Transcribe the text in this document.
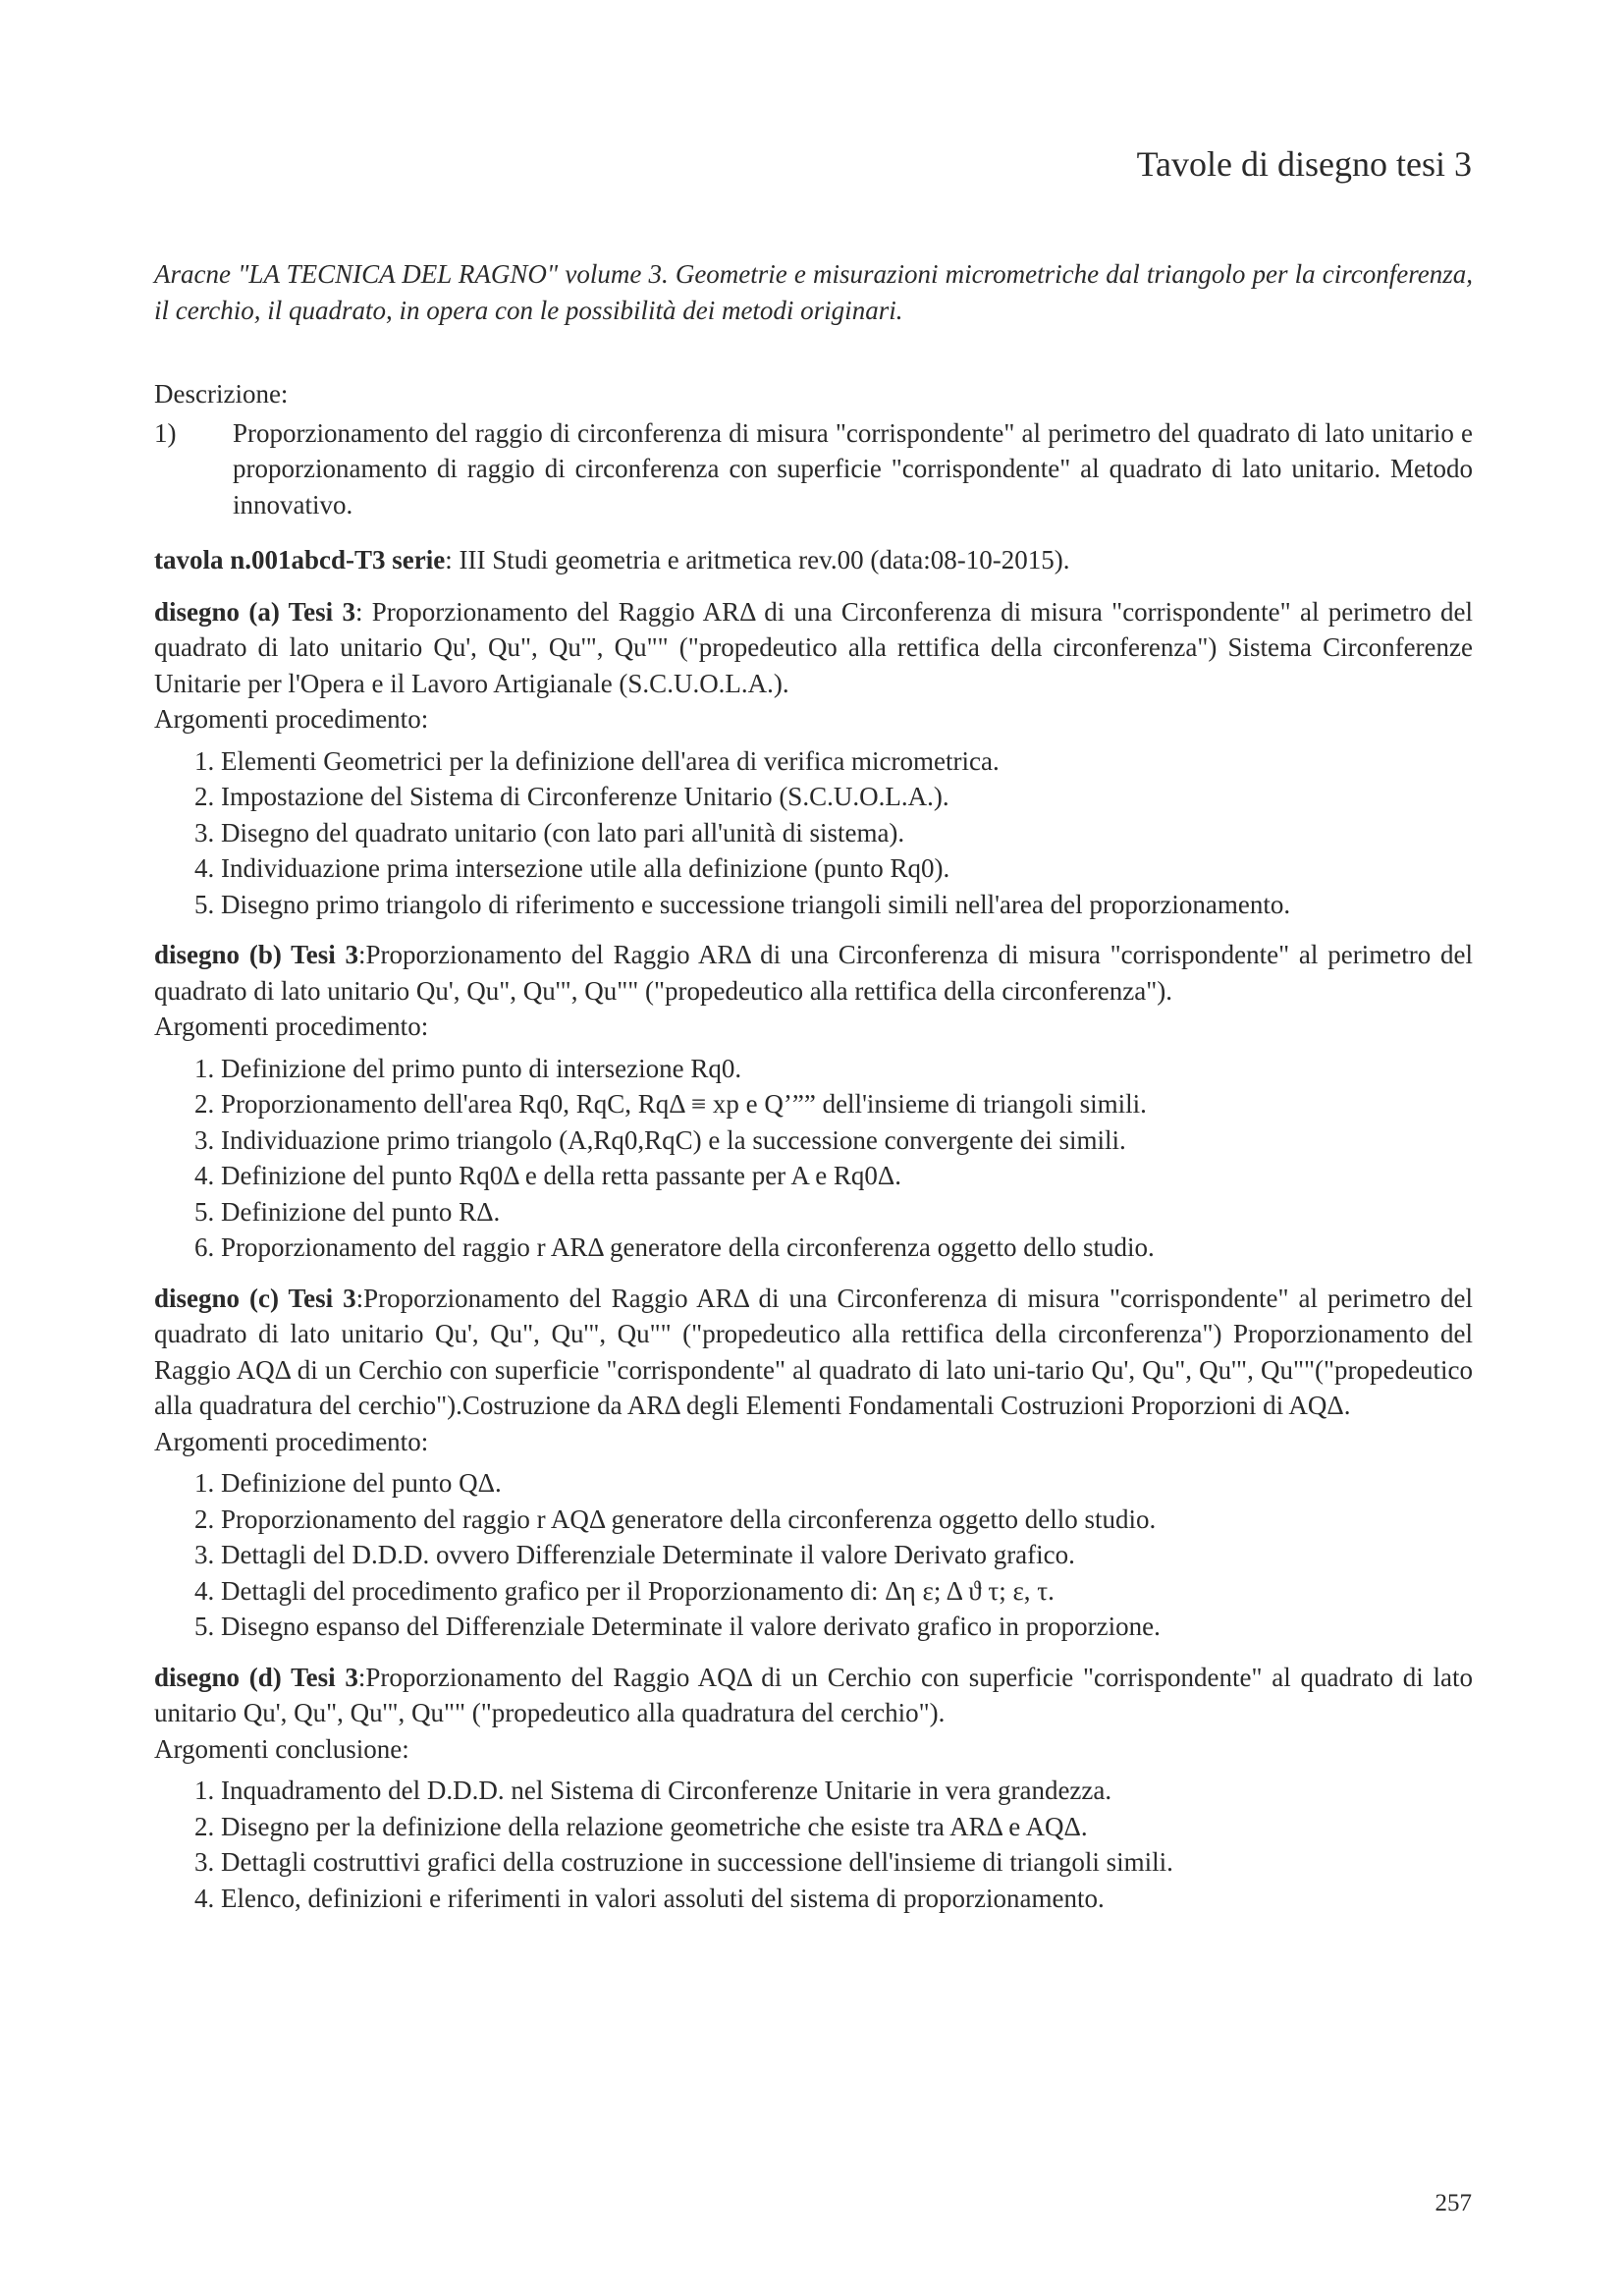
Tavole di disegno tesi 3
Aracne "LA TECNICA DEL RAGNO" volume 3. Geometrie e misurazioni micrometriche dal triangolo per la circonferenza, il cerchio, il quadrato, in opera con le possibilità dei metodi originari.
Descrizione:
1)	Proporzionamento del raggio di circonferenza di misura "corrispondente" al perimetro del quadrato di lato unitario e proporzionamento di raggio di circonferenza con superficie "corrispondente" al quadrato di lato unitario. Metodo innovativo.
tavola n.001abcd-T3 serie: III Studi geometria e aritmetica rev.00 (data:08-10-2015).

disegno (a) Tesi 3: Proporzionamento del Raggio ARΔ di una Circonferenza di misura "corrispondente" al perimetro del quadrato di lato unitario Qu', Qu", Qu'", Qu"" ("propedeutico alla rettifica della circonferenza") Sistema Circonferenze Unitarie per l'Opera e il Lavoro Artigianale (S.C.U.O.L.A.).

Argomenti procedimento:
1. Elementi Geometrici per la definizione dell'area di verifica micrometrica.
2. Impostazione del Sistema di Circonferenze Unitario (S.C.U.O.L.A.).
3. Disegno del quadrato unitario (con lato pari all'unità di sistema).
4. Individuazione prima intersezione utile alla definizione (punto Rq0).
5. Disegno primo triangolo di riferimento e successione triangoli simili nell'area del proporzionamento.

disegno (b) Tesi 3:Proporzionamento del Raggio ARΔ di una Circonferenza di misura "corrispondente" al perimetro del quadrato di lato unitario Qu', Qu", Qu'", Qu"" ("propedeutico alla rettifica della circonferenza").

Argomenti procedimento:
1. Definizione del primo punto di intersezione Rq0.
2. Proporzionamento dell'area Rq0, RqC, RqΔ ≡ xp e Q’”” dell'insieme di triangoli simili.
3. Individuazione primo triangolo (A,Rq0,RqC) e la successione convergente dei simili.
4. Definizione del punto Rq0Δ e della retta passante per A e Rq0Δ.
5. Definizione del punto RΔ.
6. Proporzionamento del raggio r ARΔ generatore della circonferenza oggetto dello studio.

disegno (c) Tesi 3:Proporzionamento del Raggio ARΔ di una Circonferenza di misura "corrispondente" al perimetro del quadrato di lato unitario Qu', Qu", Qu'", Qu"" ("propedeutico alla rettifica della circonferenza") Proporzionamento del Raggio AQΔ di un Cerchio con superficie "corrispondente" al quadrato di lato uni-tario Qu', Qu", Qu'", Qu""("propedeutico alla quadratura del cerchio").Costruzione da ARΔ degli Elementi Fondamentali Costruzioni Proporzioni di AQΔ.

Argomenti procedimento:
1. Definizione del punto QΔ.
2. Proporzionamento del raggio r AQΔ generatore della circonferenza oggetto dello studio.
3. Dettagli del D.D.D. ovvero Differenziale Determinate il valore Derivato grafico.
4. Dettagli del procedimento grafico per il Proporzionamento di: Δη ε; Δ ϑ τ; ε, τ.
5. Disegno espanso del Differenziale Determinate il valore derivato grafico in proporzione.

disegno (d) Tesi 3:Proporzionamento del Raggio AQΔ di un Cerchio con superficie "corrispondente" al quadrato di lato unitario Qu', Qu", Qu'", Qu"" ("propedeutico alla quadratura del cerchio").

Argomenti conclusione:
1. Inquadramento del D.D.D. nel Sistema di Circonferenze Unitarie in vera grandezza.
2. Disegno per la definizione della relazione geometriche che esiste tra ARΔ e AQΔ.
3. Dettagli costruttivi grafici della costruzione in successione dell'insieme di triangoli simili.
4. Elenco, definizioni e riferimenti in valori assoluti del sistema di proporzionamento.
257
